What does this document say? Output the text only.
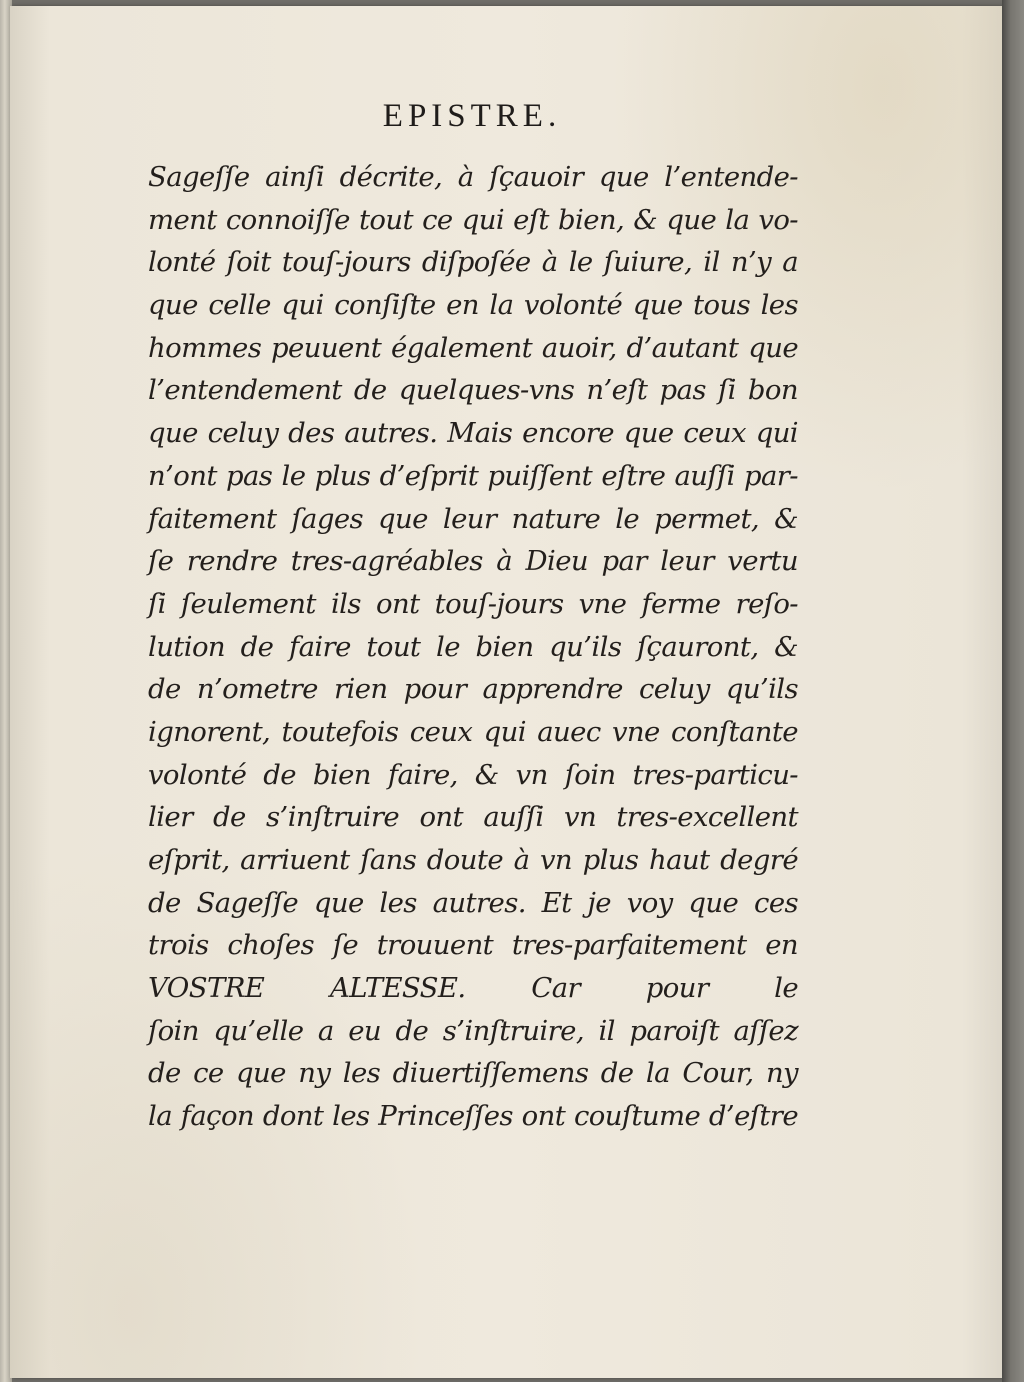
EPISTRE.
Sageſſe ainſi décrite, à ſçauoir que l’entende-
ment connoiſſe tout ce qui eſt bien, & que la vo-
lonté ſoit touſ-jours diſpoſée à le ſuiure, il n’y a
que celle qui conſiſte en la volonté que tous les
hommes peuuent également auoir, d’autant que
l’entendement de quelques-vns n’eſt pas ſi bon
que celuy des autres. Mais encore que ceux qui
n’ont pas le plus d’eſprit puiſſent eſtre auſſi par-
faitement ſages que leur nature le permet, &
ſe rendre tres-agréables à Dieu par leur vertu
ſi ſeulement ils ont touſ-jours vne ferme reſo-
lution de faire tout le bien qu’ils ſçauront, &
de n’ometre rien pour apprendre celuy qu’ils
ignorent, toutefois ceux qui auec vne conſtante
volonté de bien faire, & vn ſoin tres-particu-
lier de s’inſtruire ont auſſi vn tres-excellent
eſprit, arriuent ſans doute à vn plus haut degré
de Sageſſe que les autres. Et je voy que ces
trois choſes ſe trouuent tres-parfaitement en
VOSTRE ALTESSE. Car pour le
ſoin qu’elle a eu de s’inſtruire, il paroiſt aſſez
de ce que ny les diuertiſſemens de la Cour, ny
la façon dont les Princeſſes ont couſtume d’eſtre
